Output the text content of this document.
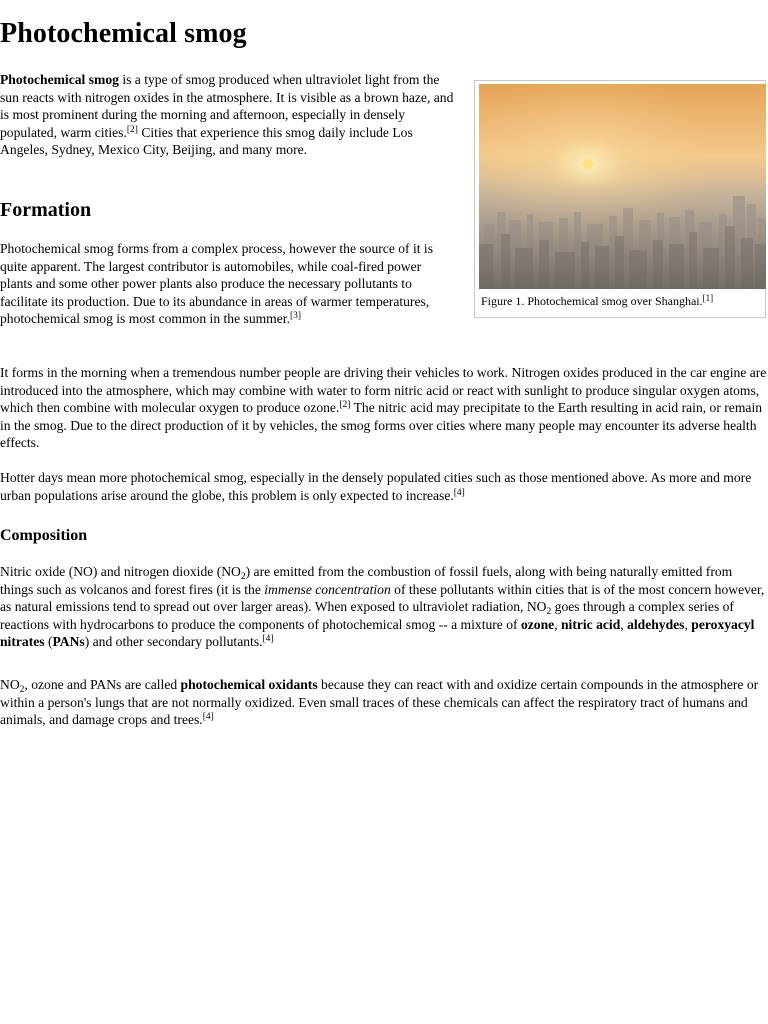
Photochemical smog

Photochemical smog is a type of smog produced when ultraviolet light from the sun reacts with nitrogen oxides in the atmosphere. It is visible as a brown haze, and is most prominent during the morning and afternoon, especially in densely populated, warm cities.[2] Cities that experience this smog daily include Los Angeles, Sydney, Mexico City, Beijing, and many more.

Figure 1. Photochemical smog over Shanghai.[1]
Formation

Photochemical smog forms from a complex process, however the source of it is quite apparent. The largest contributor is automobiles, while coal-fired power plants and some other power plants also produce the necessary pollutants to facilitate its production. Due to its abundance in areas of warmer temperatures, photochemical smog is most common in the summer.[3]

It forms in the morning when a tremendous number people are driving their vehicles to work. Nitrogen oxides produced in the car engine are introduced into the atmosphere, which may combine with water to form nitric acid or react with sunlight to produce singular oxygen atoms, which then combine with molecular oxygen to produce ozone.[2] The nitric acid may precipitate to the Earth resulting in acid rain, or remain in the smog. Due to the direct production of it by vehicles, the smog forms over cities where many people may encounter its adverse health effects.

Hotter days mean more photochemical smog, especially in the densely populated cities such as those mentioned above. As more and more urban populations arise around the globe, this problem is only expected to increase.[4]

Composition

Nitric oxide (NO) and nitrogen dioxide $(NO_2)$ are emitted from the combustion of fossil fuels, along with being naturally emitted from things such as volcanos and forest fires (it is the immense concentration of these pollutants within cities that is of the most concern however, as natural emissions tend to spread out over larger areas). When exposed to ultraviolet radiation, $NO_2$ goes through a complex series of reactions with hydrocarbons to produce the components of photochemical smog -- a mixture of ozone, nitric acid, aldehydes, peroxyacyl nitrates (PANs) and other secondary pollutants.[4]

$NO_2$, ozone and PANs are called photochemical oxidants because they can react with and oxidize certain compounds in the atmosphere or within a person's lungs that are not normally oxidized. Even small traces of these chemicals can affect the respiratory tract of humans and animals, and damage crops and trees.[4]
